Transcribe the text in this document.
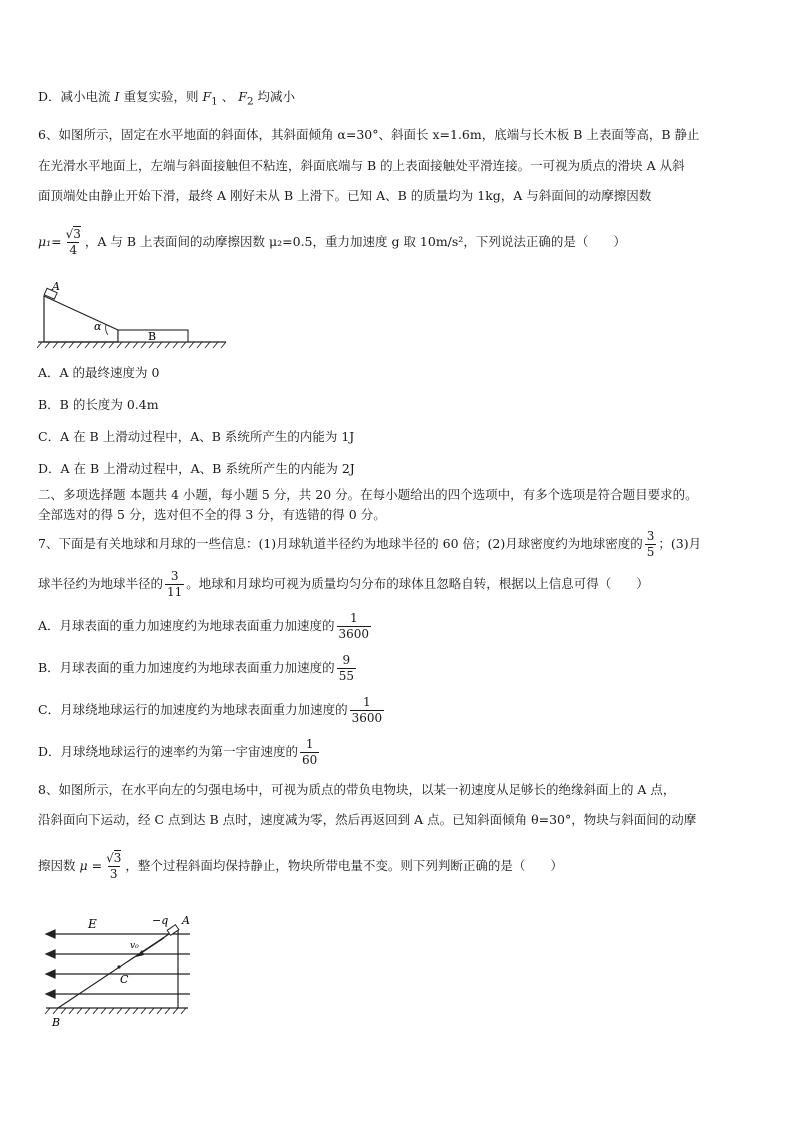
D．减小电流 I 重复实验，则 $F_1$ 、 $F_2$ 均减小
6、如图所示，固定在水平地面的斜面体，其斜面倾角 α=30°、斜面长 x=1.6m，底端与长木板 B 上表面等高，B 静止
在光滑水平地面上，左端与斜面接触但不粘连，斜面底端与 B 的上表面接触处平滑连接。一可视为质点的滑块 A 从斜
面顶端处由静止开始下滑，最终 A 刚好未从 B 上滑下。已知 A、B 的质量均为 1kg，A 与斜面间的动摩擦因数
$\mu_1= \frac{√3}{4}$ ，A 与 B 上表面间的动摩擦因数 μ₂=0.5，重力加速度 g 取 10m/s²，下列说法正确的是（　　）
A
α
B
A．A 的最终速度为 0
B．B 的长度为 0.4m
C．A 在 B 上滑动过程中，A、B 系统所产生的内能为 1J
D．A 在 B 上滑动过程中，A、B 系统所产生的内能为 2J
二、多项选择题 本题共 4 小题，每小题 5 分，共 20 分。在每小题给出的四个选项中，有多个选项是符合题目要求的。
全部选对的得 5 分，选对但不全的得 3 分，有选错的得 0 分。
7、下面是有关地球和月球的一些信息：(1)月球轨道半径约为地球半径的 60 倍；(2)月球密度约为地球密度的 $\frac{3}{5}$ ；(3)月
球半径约为地球半径的 $\frac{3}{11}$ 。地球和月球均可视为质量均匀分布的球体且忽略自转，根据以上信息可得（　　）
A．月球表面的重力加速度约为地球表面重力加速度的 $\frac{1}{3600}$
B．月球表面的重力加速度约为地球表面重力加速度的 $\frac{9}{55}$
C．月球绕地球运行的加速度约为地球表面重力加速度的 $\frac{1}{3600}$
D．月球绕地球运行的速率约为第一宇宙速度的 $\frac{1}{60}$
8、如图所示，在水平向左的匀强电场中，可视为质点的带负电物块，以某一初速度从足够长的绝缘斜面上的 A 点，
沿斜面向下运动，经 C 点到达 B 点时，速度减为零，然后再返回到 A 点。已知斜面倾角 θ=30°，物块与斜面间的动摩
擦因数 $\mu = \frac{√3}{3}$ ，整个过程斜面均保持静止，物块所带电量不变。则下列判断正确的是（　　）
E	−q A
v₀
C
B
